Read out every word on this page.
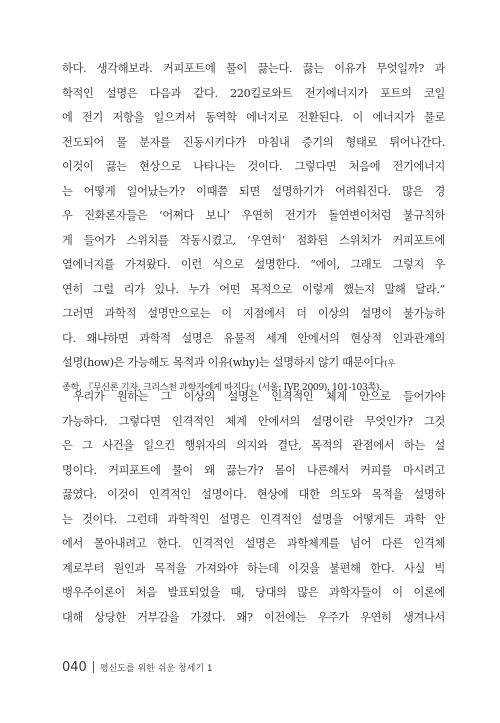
하다. 생각해보라. 커피포트에 물이 끓는다. 끓는 이유가 무엇일까? 과
학적인 설명은 다음과 같다. 220킬로와트 전기에너지가 포트의 코일
에 전기 저항을 일으켜서 동역학 에너지로 전환된다. 이 에너지가 물로
전도되어 물 분자를 진동시키다가 마침내 증기의 형태로 튀어나간다.
이것이 끓는 현상으로 나타나는 것이다. 그렇다면 처음에 전기에너지
는 어떻게 일어났는가? 이때쯤 되면 설명하기가 어려워진다. 많은 경
우 진화론자들은 ‘어쩌다 보니’ 우연히 전기가 돌연변이처럼 불규칙하
게 들어가 스위치를 작동시켰고, ‘우연히’ 점화된 스위치가 커피포트에
열에너지를 가져왔다. 이런 식으로 설명한다. “에이, 그래도 그렇지 우
연히 그럴 리가 있나. 누가 어떤 목적으로 이렇게 했는지 말해 달라.”
그러면 과학적 설명만으로는 이 지점에서 더 이상의 설명이 불가능하
다. 왜냐하면 과학적 설명은 유물적 세계 안에서의 현상적 인과관계의
설명(how)은 가능해도 목적과 이유(why)는 설명하지 않기 때문이다(우
종학, 『무신론 기자, 크리스천 과학자에게 따지다』(서울: IVP, 2009), 101-103쪽).
우리가 원하는 그 이상의 설명은 인격적인 체계 안으로 들어가야
가능하다. 그렇다면 인격적인 체계 안에서의 설명이란 무엇인가? 그것
은 그 사건을 일으킨 행위자의 의지와 결단, 목적의 관점에서 하는 설
명이다. 커피포트에 물이 왜 끓는가? 몸이 나른해서 커피를 마시려고
끓였다. 이것이 인격적인 설명이다. 현상에 대한 의도와 목적을 설명하
는 것이다. 그런데 과학적인 설명은 인격적인 설명을 어떻게든 과학 안
에서 몰아내려고 한다. 인격적인 설명은 과학체계를 넘어 다른 인격체
계로부터 원인과 목적을 가져와야 하는데 이것을 불편해 한다. 사실 빅
뱅우주이론이 처음 발표되었을 때, 당대의 많은 과학자들이 이 이론에
대해 상당한 거부감을 가졌다. 왜? 이전에는 우주가 우연히 생겨나서
040 평신도를 위한 쉬운 창세기 1
